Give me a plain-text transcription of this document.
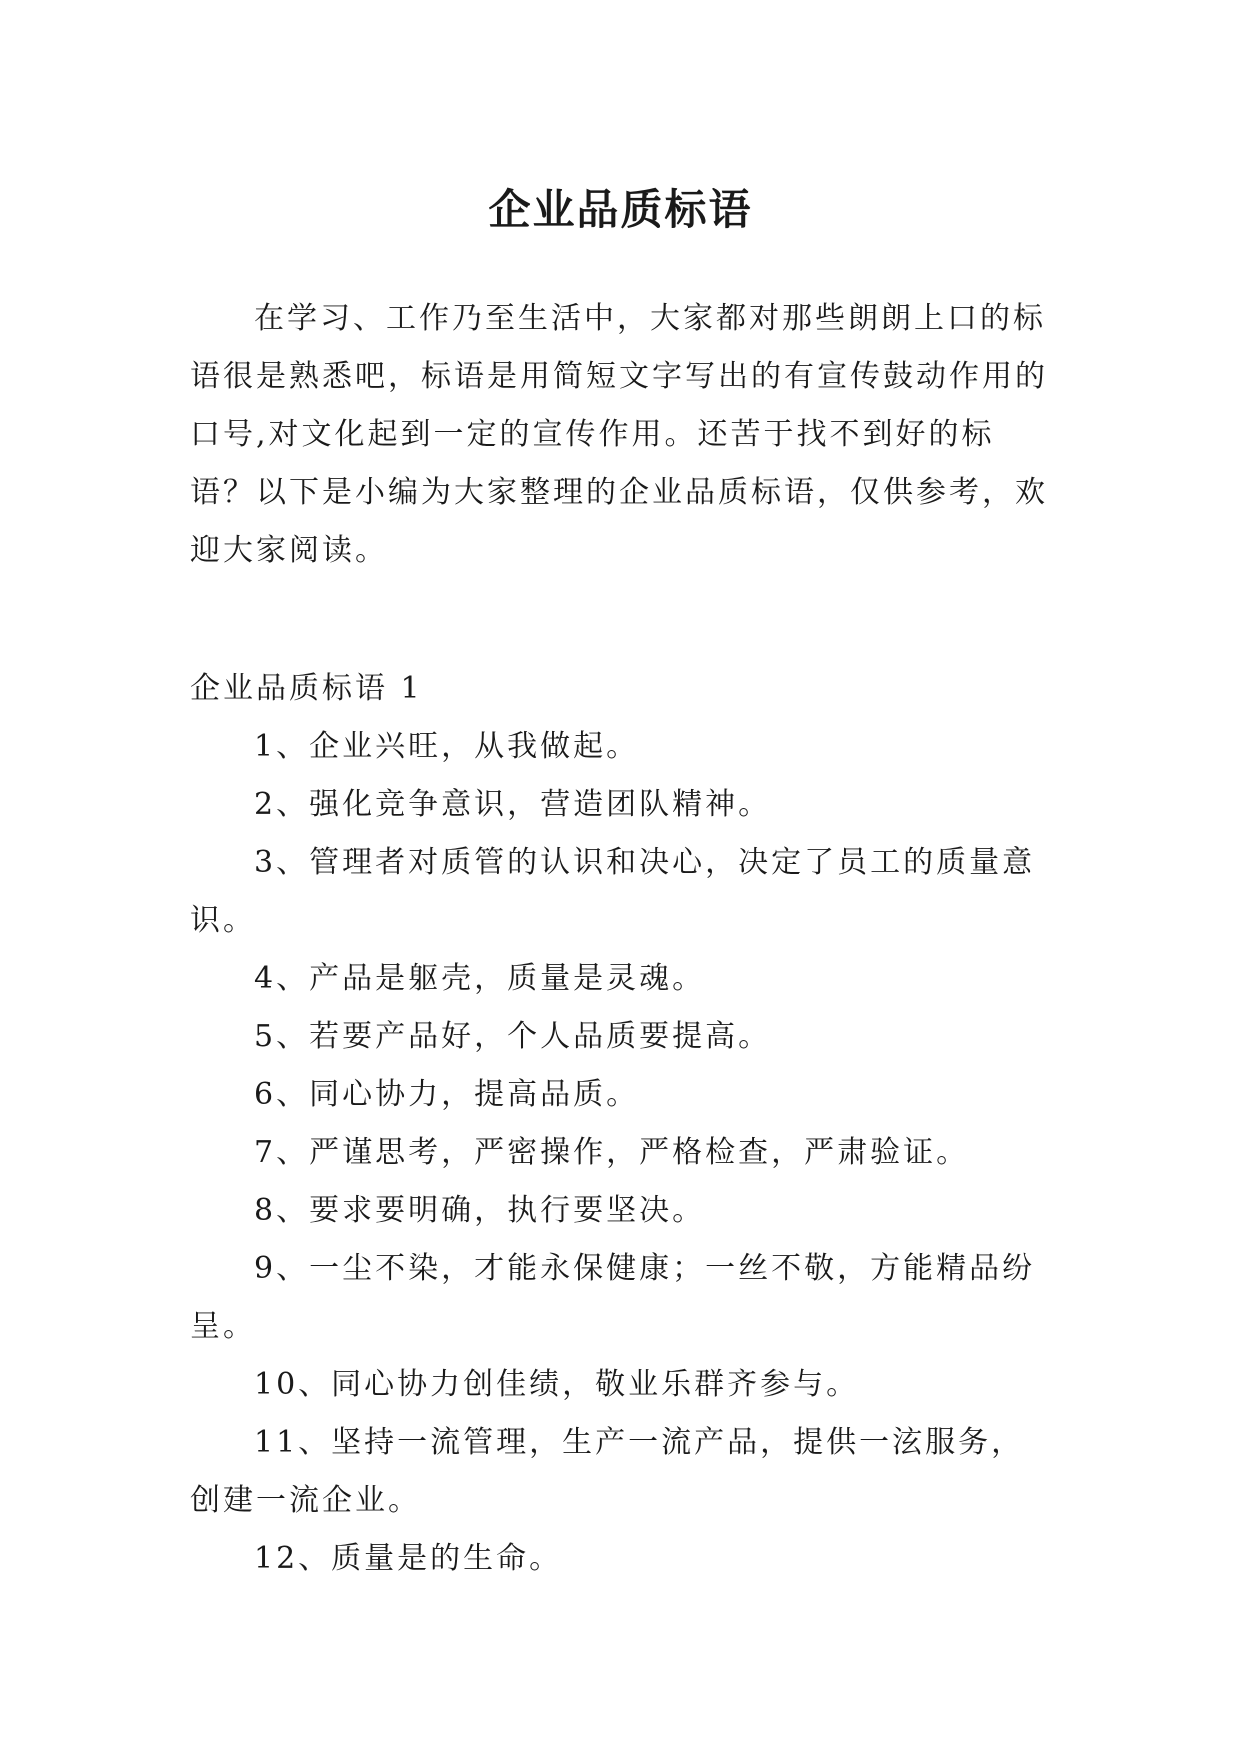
企业品质标语

在学习、工作乃至生活中，大家都对那些朗朗上口的标语很是熟悉吧，标语是用简短文字写出的有宣传鼓动作用的口号,对文化起到一定的宣传作用。还苦于找不到好的标语？以下是小编为大家整理的企业品质标语，仅供参考，欢迎大家阅读。

企业品质标语 1
1、企业兴旺，从我做起。
2、强化竞争意识，营造团队精神。
3、管理者对质管的认识和决心，决定了员工的质量意识。
4、产品是躯壳，质量是灵魂。
5、若要产品好，个人品质要提高。
6、同心协力，提高品质。
7、严谨思考，严密操作，严格检查，严肃验证。
8、要求要明确，执行要坚决。
9、一尘不染，才能永保健康；一丝不敬，方能精品纷呈。
10、同心协力创佳绩，敬业乐群齐参与。
11、坚持一流管理，生产一流产品，提供一泫服务，创建一流企业。
12、质量是的生命。
